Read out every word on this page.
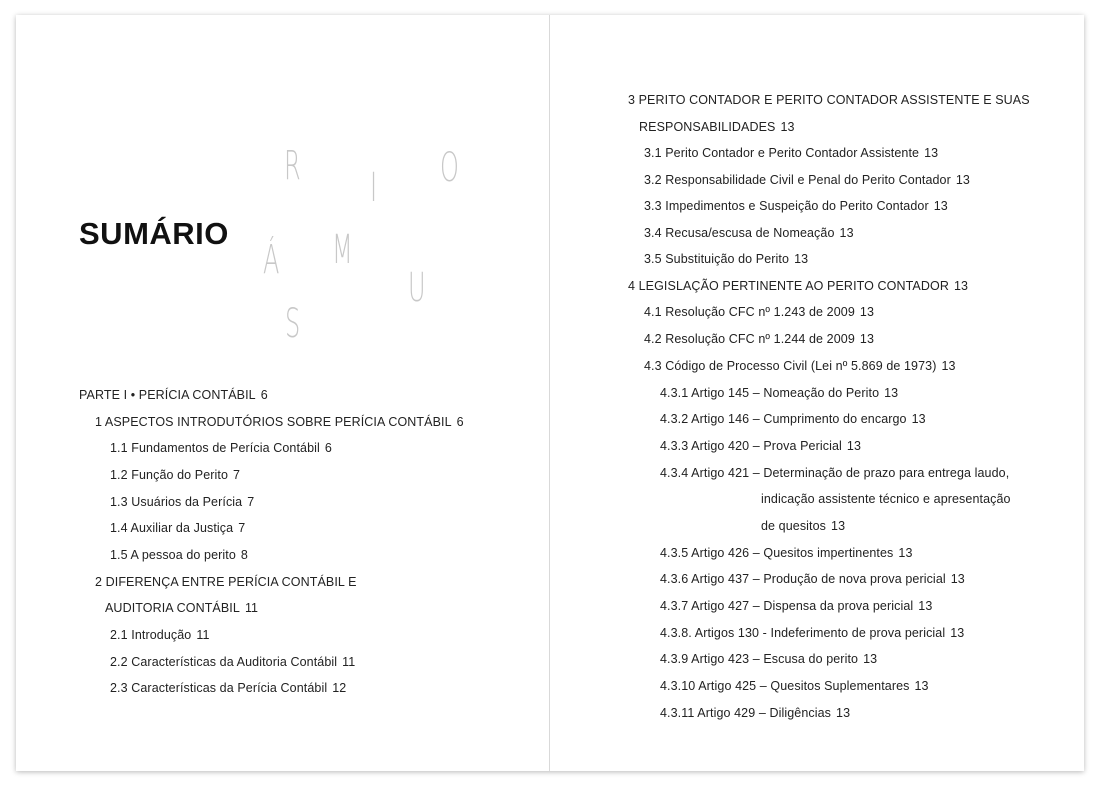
SUMÁRIO
R I O
Á M
U
S
PARTE I • PERÍCIA CONTÁBIL 6
1 ASPECTOS INTRODUTÓRIOS SOBRE PERÍCIA CONTÁBIL 6
1.1 Fundamentos de Perícia Contábil 6
1.2 Função do Perito 7
1.3 Usuários da Perícia 7
1.4 Auxiliar da Justiça 7
1.5 A pessoa do perito 8
2 DIFERENÇA ENTRE PERÍCIA CONTÁBIL E
AUDITORIA CONTÁBIL 11
2.1 Introdução 11
2.2 Características da Auditoria Contábil 11
2.3 Características da Perícia Contábil 12
3 PERITO CONTADOR E PERITO CONTADOR ASSISTENTE E SUAS
RESPONSABILIDADES 13
3.1 Perito Contador e Perito Contador Assistente 13
3.2 Responsabilidade Civil e Penal do Perito Contador 13
3.3 Impedimentos e Suspeição do Perito Contador 13
3.4 Recusa/escusa de Nomeação 13
3.5 Substituição do Perito 13
4 LEGISLAÇÃO PERTINENTE AO PERITO CONTADOR 13
4.1 Resolução CFC nº 1.243 de 2009 13
4.2 Resolução CFC nº 1.244 de 2009 13
4.3 Código de Processo Civil (Lei nº 5.869 de 1973) 13
4.3.1 Artigo 145 – Nomeação do Perito 13
4.3.2 Artigo 146 – Cumprimento do encargo 13
4.3.3 Artigo 420 – Prova Pericial 13
4.3.4 Artigo 421 – Determinação de prazo para entrega laudo,
indicação assistente técnico e apresentação
de quesitos 13
4.3.5 Artigo 426 – Quesitos impertinentes 13
4.3.6 Artigo 437 – Produção de nova prova pericial 13
4.3.7 Artigo 427 – Dispensa da prova pericial 13
4.3.8. Artigos 130 - Indeferimento de prova pericial 13
4.3.9 Artigo 423 – Escusa do perito 13
4.3.10 Artigo 425 – Quesitos Suplementares 13
4.3.11 Artigo 429 – Diligências 13
